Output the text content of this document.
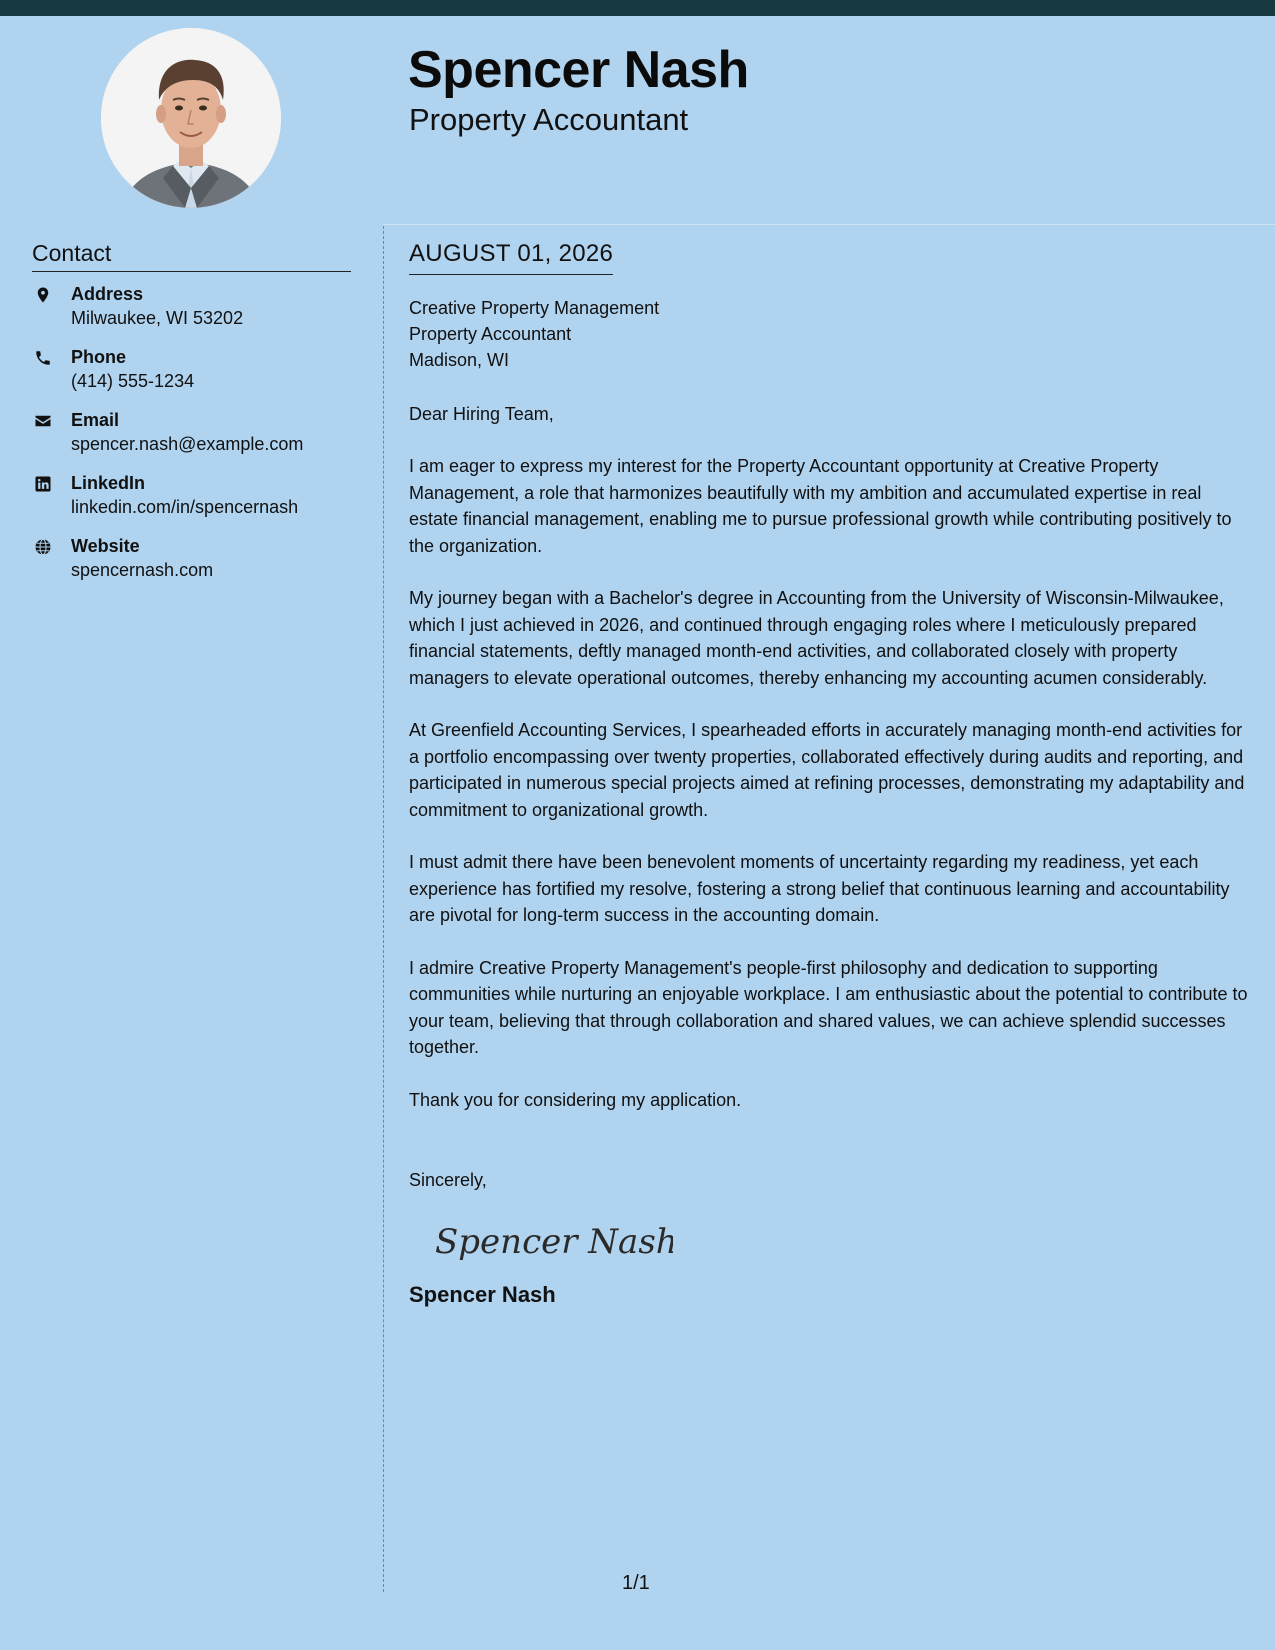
Spencer Nash
Property Accountant
Contact
Address
Milwaukee, WI 53202
Phone
(414) 555-1234
Email
spencer.nash@example.com
LinkedIn
linkedin.com/in/spencernash
Website
spencernash.com
AUGUST 01, 2026
Creative Property Management
Property Accountant
Madison, WI
Dear Hiring Team,
I am eager to express my interest for the Property Accountant opportunity at Creative Property Management, a role that harmonizes beautifully with my ambition and accumulated expertise in real estate financial management, enabling me to pursue professional growth while contributing positively to the organization.
My journey began with a Bachelor's degree in Accounting from the University of Wisconsin-Milwaukee, which I just achieved in 2026, and continued through engaging roles where I meticulously prepared financial statements, deftly managed month-end activities, and collaborated closely with property managers to elevate operational outcomes, thereby enhancing my accounting acumen considerably.
At Greenfield Accounting Services, I spearheaded efforts in accurately managing month-end activities for a portfolio encompassing over twenty properties, collaborated effectively during audits and reporting, and participated in numerous special projects aimed at refining processes, demonstrating my adaptability and commitment to organizational growth.
I must admit there have been benevolent moments of uncertainty regarding my readiness, yet each experience has fortified my resolve, fostering a strong belief that continuous learning and accountability are pivotal for long-term success in the accounting domain.
I admire Creative Property Management's people-first philosophy and dedication to supporting communities while nurturing an enjoyable workplace. I am enthusiastic about the potential to contribute to your team, believing that through collaboration and shared values, we can achieve splendid successes together.
Thank you for considering my application.
Sincerely,
Spencer Nash
Spencer Nash
1/1
